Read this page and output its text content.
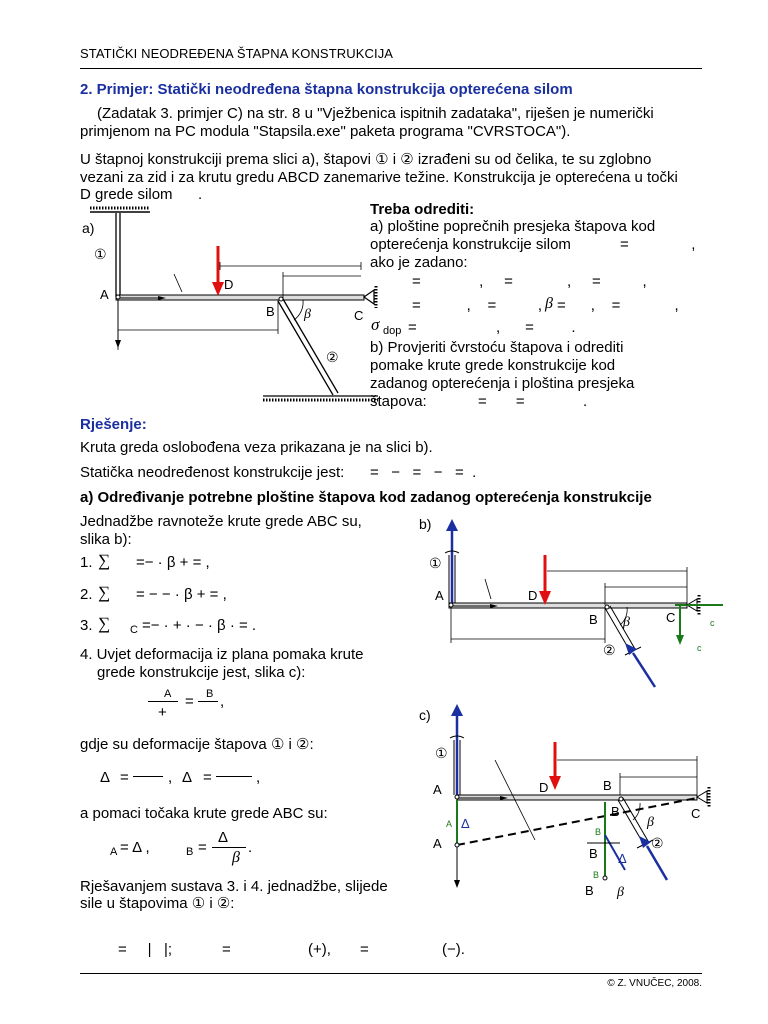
STATIČKI NEODREĐENA ŠTAPNA KONSTRUKCIJA
2. Primjer: Statički neodređena štapna konstrukcija opterećena silom
(Zadatak 3. primjer C) na str. 8 u "Vježbenica ispitnih zadataka", riješen je numerički
primjenom na PC modula "Stapsila.exe" paketa programa "CVRSTOCA").
U štapnoj konstrukciji prema slici a), štapovi ① i ② izrađeni su od čelika, te su zglobno
vezani za zid i za krutu gredu ABCD zanemarive težine. Konstrukcija je opterećena u točki
D grede silom .
Treba odrediti:
a) ploštine poprečnih presjeka štapova kod
opterećenja konstrukcije silom	=               ,
ako je zadano:
=              ,     =             ,     =          ,
=           ,    =          , β =      ,    =             ,
σ dop =                   ,      =         .
b) Provjeriti čvrstoću štapova i odrediti
pomake krute grede konstrukcije kod
zadanog opterećenja i ploština presjeka
štapova:	=       =              .
a)
①
A
D
B	C
β
②
Rješenje:
Kruta greda oslobođena veza prikazana je na slici b).
Statička neodređenost konstrukcije jest: =   −   =   −   =  .
a) Određivanje potrebne ploštine štapova kod zadanog opterećenja konstrukcije
Jednadžbe ravnoteže krute grede ABC su,
slika b):
1. ∑ =− · β + = ,
2. ∑ = − − · β + = ,
3. ∑ C =− · + · − · β · = .
4. Uvjet deformacija iz plana pomaka krute
grede konstrukcije jest, slika c):
A
+
= B ,
gdje su deformacije štapova ① i ②:
Δ =	, Δ =	,
a pomaci točaka krute grede ABC su:
A = Δ ,	B =
Δ
β
.
Rješavanjem sustava 3. i 4. jednadžbe, slijede
sile u štapovima ① i ②:
=     |   |;	=	(+), =	(−).
b)
①
A	D
B	C
β
②
c
c
c)
①
A
A
D	B
B
B
B
C
β
β
②
Δ
Δ
A
B
B
© Z. VNUČEC, 2008.
